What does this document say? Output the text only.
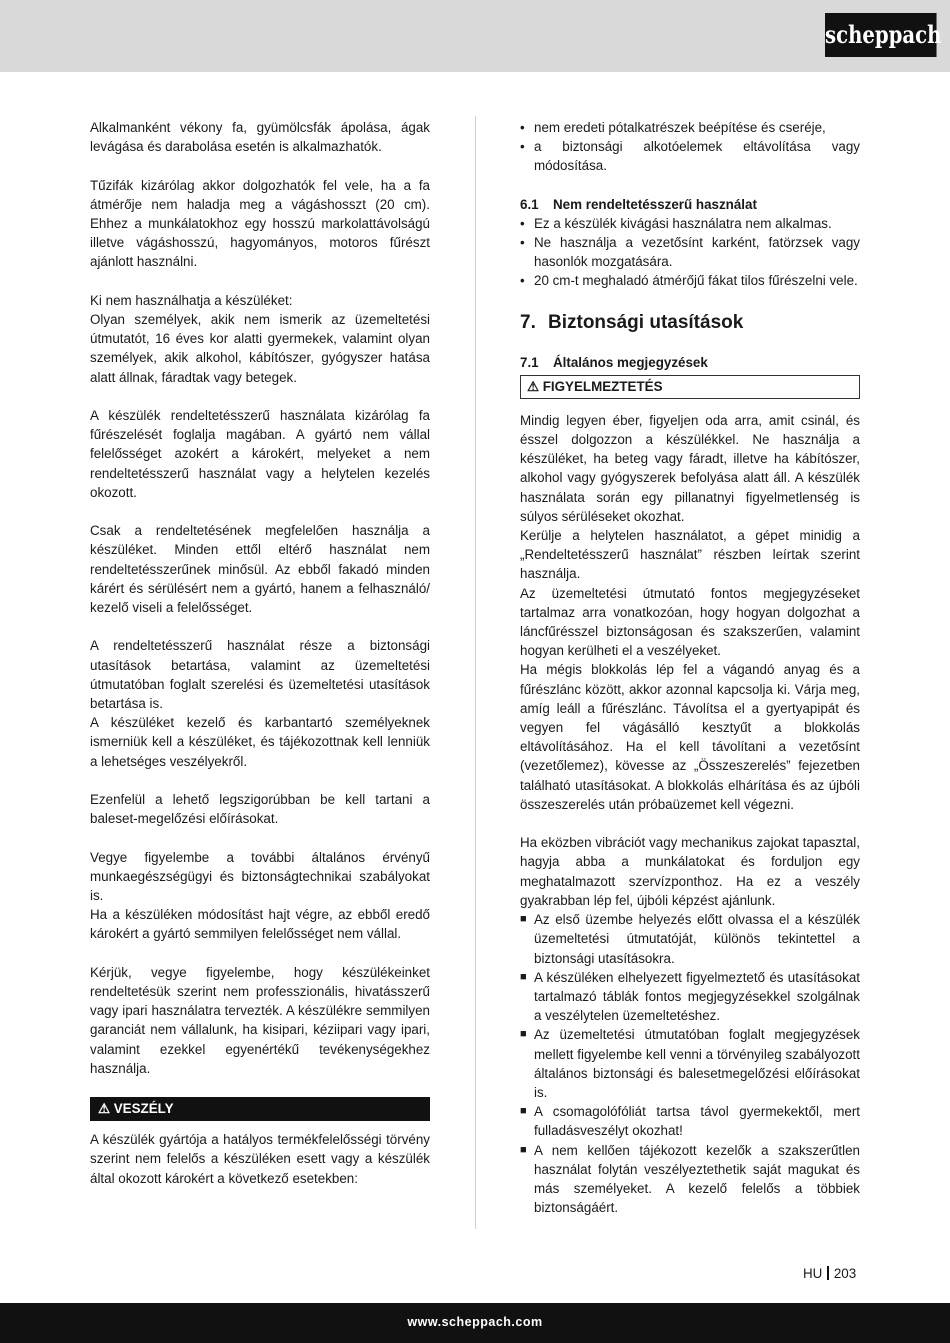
scheppach

Alkalmanként vékony fa, gyümölcsfák ápolása, ágak levágása és darabolása esetén is alkalmazhatók.

Tűzifák kizárólag akkor dolgozhatók fel vele, ha a fa átmérője nem haladja meg a vágáshosszt (20 cm). Ehhez a munkálatokhoz egy hosszú markolattávolságú illetve vágáshosszú, hagyományos, motoros fűrészt ajánlott használni.

Ki nem használhatja a készüléket:

Olyan személyek, akik nem ismerik az üzemeltetési útmutatót, 16 éves kor alatti gyermekek, valamint olyan személyek, akik alkohol, kábítószer, gyógyszer hatása alatt állnak, fáradtak vagy betegek.

A készülék rendeltetésszerű használata kizárólag fa fűrészelését foglalja magában. A gyártó nem vállal felelősséget azokért a károkért, melyeket a nem rendeltetésszerű használat vagy a helytelen kezelés okozott.

Csak a rendeltetésének megfelelően használja a készüléket. Minden ettől eltérő használat nem rendeltetésszerűnek minősül. Az ebből fakadó minden kárért és sérülésért nem a gyártó, hanem a felhasználó/ kezelő viseli a felelősséget.

A rendeltetésszerű használat része a biztonsági utasítások betartása, valamint az üzemeltetési útmutatóban foglalt szerelési és üzemeltetési utasítások betartása is.

A készüléket kezelő és karbantartó személyeknek ismerniük kell a készüléket, és tájékozottnak kell lenniük a lehetséges veszélyekről.

Ezenfelül a lehető legszigorúbban be kell tartani a baleset-megelőzési előírásokat.

Vegye figyelembe a további általános érvényű munkaegészségügyi és biztonságtechnikai szabályokat is.

Ha a készüléken módosítást hajt végre, az ebből eredő károkért a gyártó semmilyen felelősséget nem vállal.

Kérjük, vegye figyelembe, hogy készülékeinket rendeltetésük szerint nem professzionális, hivatásszerű vagy ipari használatra tervezték. A készülékre semmilyen garanciát nem vállalunk, ha kisipari, kéziipari vagy ipari, valamint ezekkel egyenértékű tevékenységekhez használja.

⚠ VESZÉLY

A készülék gyártója a hatályos termékfelelősségi törvény szerint nem felelős a készüléken esett vagy a készülék által okozott károkért a következő esetekben:

• nem eredeti pótalkatrészek beépítése és cseréje,
• a biztonsági alkotóelemek eltávolítása vagy módosítása.
6.1 Nem rendeltetésszerű használat
• Ez a készülék kivágási használatra nem alkalmas.
• Ne használja a vezetősínt karként, fatörzsek vagy hasonlók mozgatására.
• 20 cm-t meghaladó átmérőjű fákat tilos fűrészelni vele.
7. Biztonsági utasítások
7.1 Általános megjegyzések
⚠ FIGYELMEZTETÉS

Mindig legyen éber, figyeljen oda arra, amit csinál, és ésszel dolgozzon a készülékkel. Ne használja a készüléket, ha beteg vagy fáradt, illetve ha kábítószer, alkohol vagy gyógyszerek befolyása alatt áll. A készülék használata során egy pillanatnyi figyelmetlenség is súlyos sérüléseket okozhat.

Kerülje a helytelen használatot, a gépet minidig a „Rendeltetésszerű használat” részben leírtak szerint használja.

Az üzemeltetési útmutató fontos megjegyzéseket tartalmaz arra vonatkozóan, hogy hogyan dolgozhat a láncfűrésszel biztonságosan és szakszerűen, valamint hogyan kerülheti el a veszélyeket.

Ha mégis blokkolás lép fel a vágandó anyag és a fűrészlánc között, akkor azonnal kapcsolja ki. Várja meg, amíg leáll a fűrészlánc. Távolítsa el a gyertyapipát és vegyen fel vágásálló kesztyűt a blokkolás eltávolításához. Ha el kell távolítani a vezetősínt (vezetőlemez), kövesse az „Összeszerelés” fejezetben található utasításokat. A blokkolás elhárítása és az újbóli összeszerelés után próbaüzemet kell végezni.

Ha eközben vibrációt vagy mechanikus zajokat tapasztal, hagyja abba a munkálatokat és forduljon egy meghatalmazott szervízponthoz. Ha ez a veszély gyakrabban lép fel, újbóli képzést ajánlunk.

■ Az első üzembe helyezés előtt olvassa el a készülék üzemeltetési útmutatóját, különös tekintettel a biztonsági utasításokra.
■ A készüléken elhelyezett figyelmeztető és utasításokat tartalmazó táblák fontos megjegyzésekkel szolgálnak a veszélytelen üzemeltetéshez.
■ Az üzemeltetési útmutatóban foglalt megjegyzések mellett figyelembe kell venni a törvényileg szabályozott általános biztonsági és balesetmegelőzési előírásokat is.
■ A csomagolófóliát tartsa távol gyermekektől, mert fulladásveszélyt okozhat!
■ A nem kellően tájékozott kezelők a szakszerűtlen használat folytán veszélyeztethetik saját magukat és más személyeket. A kezelő felelős a többiek biztonságáért.
HU 203
www.scheppach.com
